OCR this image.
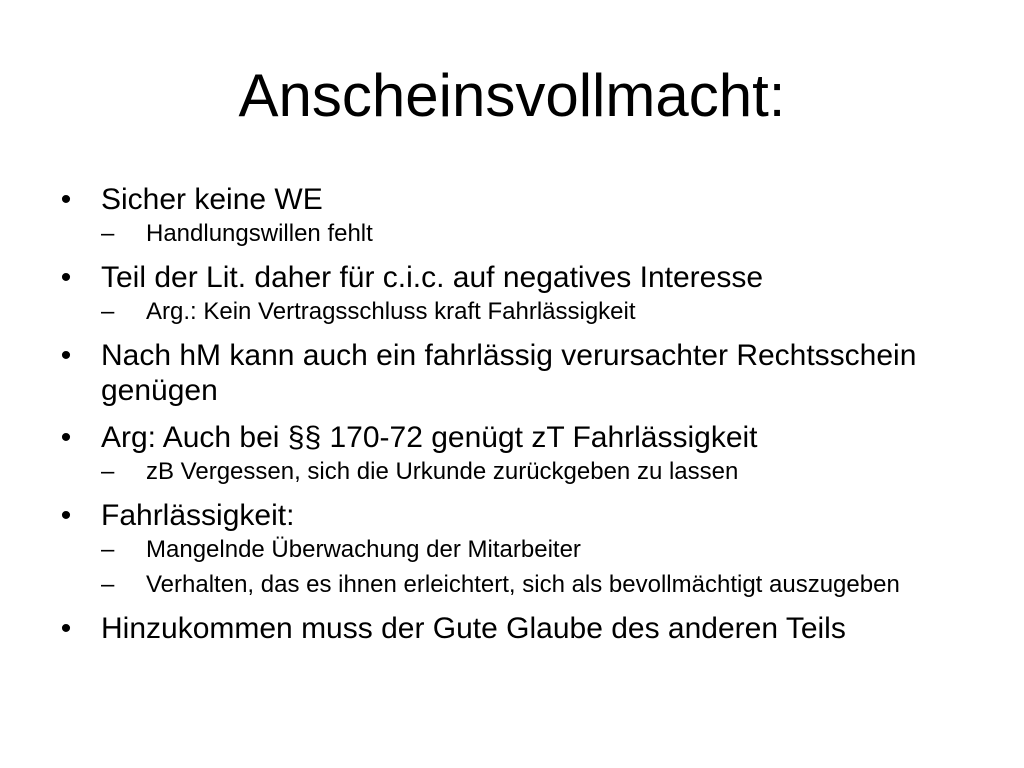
Anscheinsvollmacht:
• Sicher keine WE
– Handlungswillen fehlt
• Teil der Lit. daher für c.i.c. auf negatives Interesse
– Arg.: Kein Vertragsschluss kraft Fahrlässigkeit
• Nach hM kann auch ein fahrlässig verursachter Rechtsschein genügen
• Arg: Auch bei §§ 170-72 genügt zT Fahrlässigkeit
– zB Vergessen, sich die Urkunde zurückgeben zu lassen
• Fahrlässigkeit:
– Mangelnde Überwachung der Mitarbeiter
– Verhalten, das es ihnen erleichtert, sich als bevollmächtigt auszugeben
• Hinzukommen muss der Gute Glaube des anderen Teils
